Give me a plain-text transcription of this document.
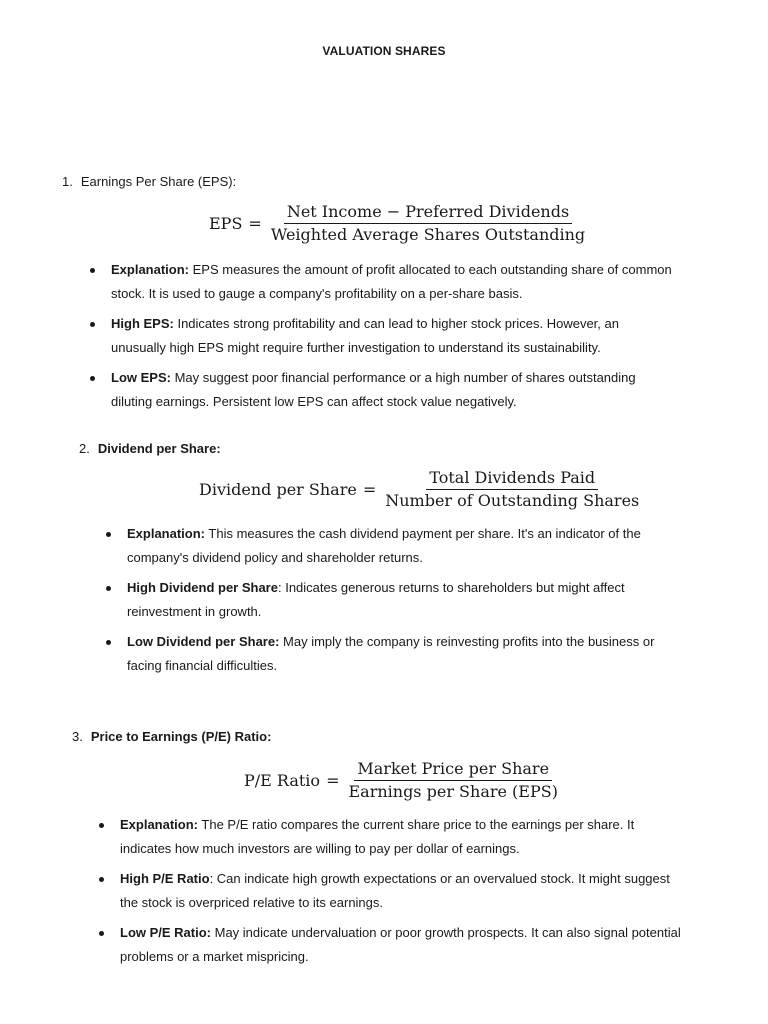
VALUATION SHARES
1. Earnings Per Share (EPS):
EPS = $\frac{\text{Net Income − Preferred Dividends}}{\text{Weighted Average Shares Outstanding}}$
Explanation: EPS measures the amount of profit allocated to each outstanding share of common stock. It is used to gauge a company's profitability on a per-share basis.
High EPS: Indicates strong profitability and can lead to higher stock prices. However, an unusually high EPS might require further investigation to understand its sustainability.
Low EPS: May suggest poor financial performance or a high number of shares outstanding diluting earnings. Persistent low EPS can affect stock value negatively.
2. Dividend per Share:
Dividend per Share = $\frac{\text{Total Dividends Paid}}{\text{Number of Outstanding Shares}}$
Explanation: This measures the cash dividend payment per share. It's an indicator of the company's dividend policy and shareholder returns.
High Dividend per Share: Indicates generous returns to shareholders but might affect reinvestment in growth.
Low Dividend per Share: May imply the company is reinvesting profits into the business or facing financial difficulties.
3. Price to Earnings (P/E) Ratio:
P/E Ratio = $\frac{\text{Market Price per Share}}{\text{Earnings per Share (EPS)}}$
Explanation: The P/E ratio compares the current share price to the earnings per share. It indicates how much investors are willing to pay per dollar of earnings.
High P/E Ratio: Can indicate high growth expectations or an overvalued stock. It might suggest the stock is overpriced relative to its earnings.
Low P/E Ratio: May indicate undervaluation or poor growth prospects. It can also signal potential problems or a market mispricing.
